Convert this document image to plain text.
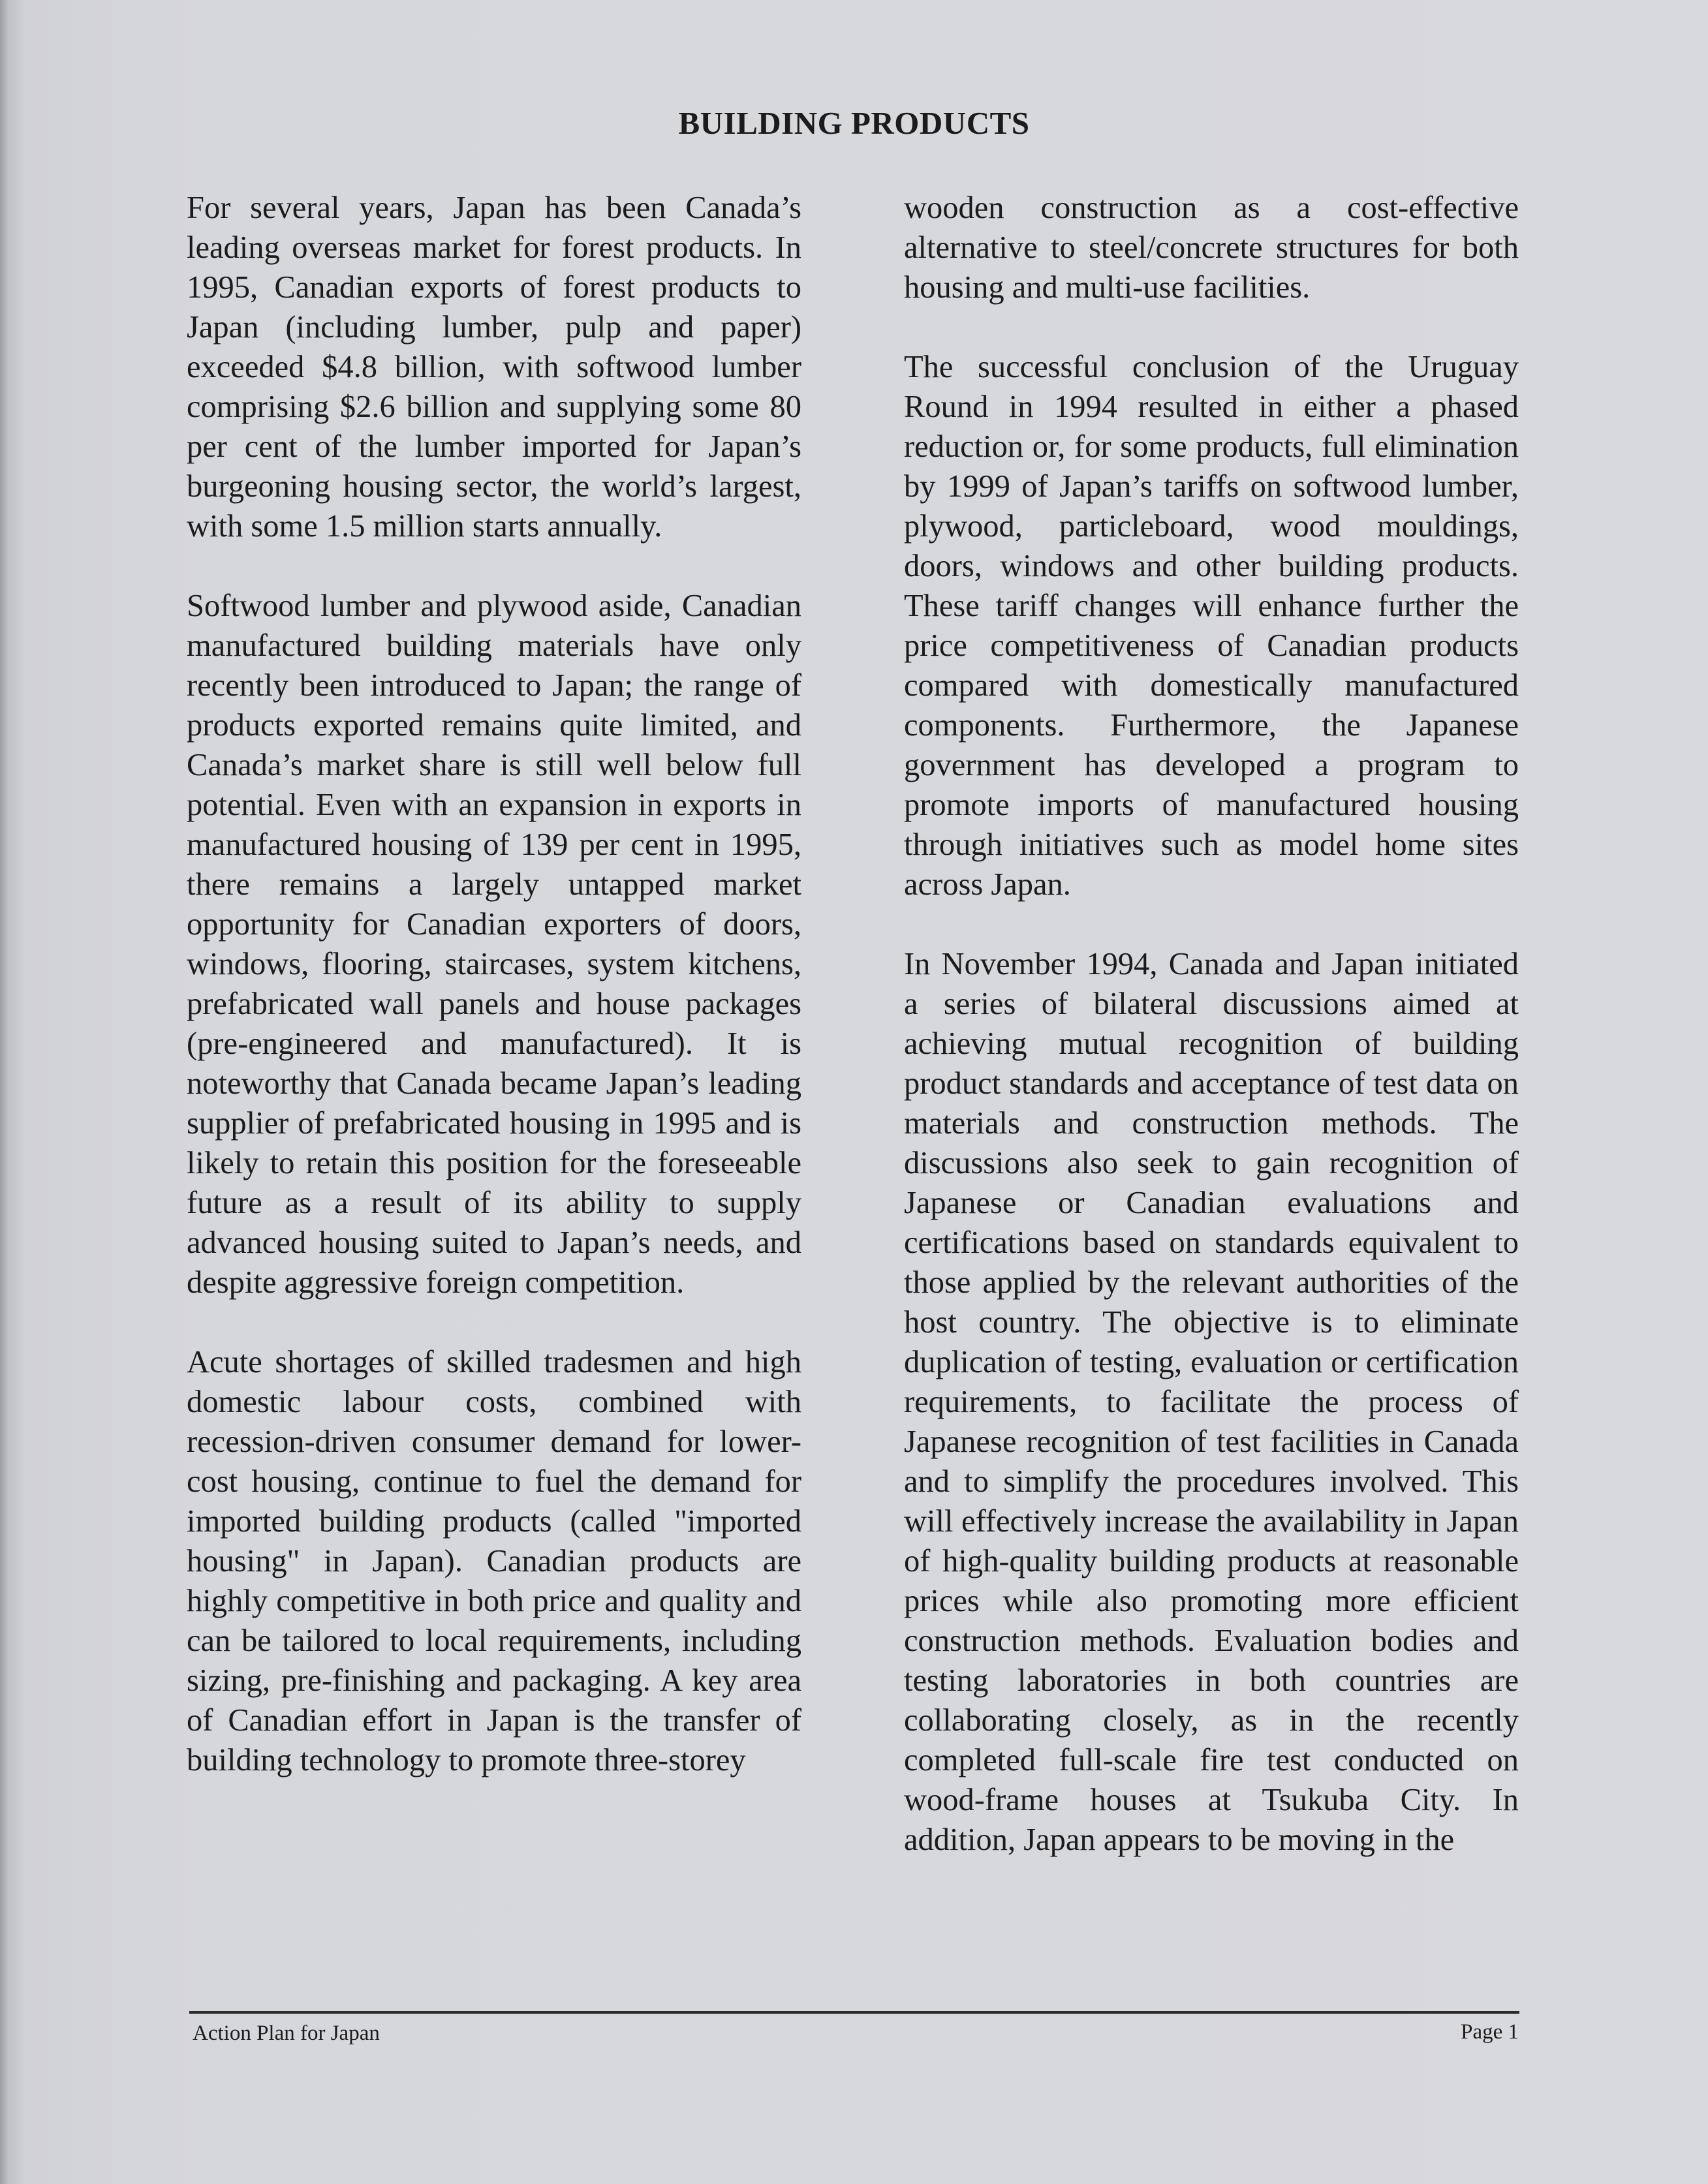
BUILDING PRODUCTS

For several years, Japan has been Canada’s leading overseas market for forest products. In 1995, Canadian exports of forest products to Japan (including lumber, pulp and paper) exceeded $4.8 billion, with softwood lumber comprising $2.6 billion and supplying some 80 per cent of the lumber imported for Japan’s burgeoning housing sector, the world’s largest, with some 1.5 million starts annually.

Softwood lumber and plywood aside, Canadian manufactured building materials have only recently been introduced to Japan; the range of products exported remains quite limited, and Canada’s market share is still well below full potential. Even with an expansion in exports in manufactured housing of 139 per cent in 1995, there remains a largely untapped market opportunity for Canadian exporters of doors, windows, flooring, staircases, system kitchens, prefabricated wall panels and house packages (pre-engineered and manufactured). It is noteworthy that Canada became Japan’s leading supplier of prefabricated housing in 1995 and is likely to retain this position for the foreseeable future as a result of its ability to supply advanced housing suited to Japan’s needs, and despite aggressive foreign competition.

Acute shortages of skilled tradesmen and high domestic labour costs, combined with recession-driven consumer demand for lower-cost housing, continue to fuel the demand for imported building products (called "imported housing" in Japan). Canadian products are highly competitive in both price and quality and can be tailored to local requirements, including sizing, pre-finishing and packaging. A key area of Canadian effort in Japan is the transfer of building technology to promote three-storey

wooden construction as a cost-effective alternative to steel/concrete structures for both housing and multi-use facilities.

The successful conclusion of the Uruguay Round in 1994 resulted in either a phased reduction or, for some products, full elimination by 1999 of Japan’s tariffs on softwood lumber, plywood, particleboard, wood mouldings, doors, windows and other building products. These tariff changes will enhance further the price competitiveness of Canadian products compared with domestically manufactured components. Furthermore, the Japanese government has developed a program to promote imports of manufactured housing through initiatives such as model home sites across Japan.

In November 1994, Canada and Japan initiated a series of bilateral discussions aimed at achieving mutual recognition of building product standards and acceptance of test data on materials and construction methods. The discussions also seek to gain recognition of Japanese or Canadian evaluations and certifications based on standards equivalent to those applied by the relevant authorities of the host country. The objective is to eliminate duplication of testing, evaluation or certification requirements, to facilitate the process of Japanese recognition of test facilities in Canada and to simplify the procedures involved. This will effectively increase the availability in Japan of high-quality building products at reasonable prices while also promoting more efficient construction methods. Evaluation bodies and testing laboratories in both countries are collaborating closely, as in the recently completed full-scale fire test conducted on wood-frame houses at Tsukuba City. In addition, Japan appears to be moving in the

Action Plan for Japan	Page 1
